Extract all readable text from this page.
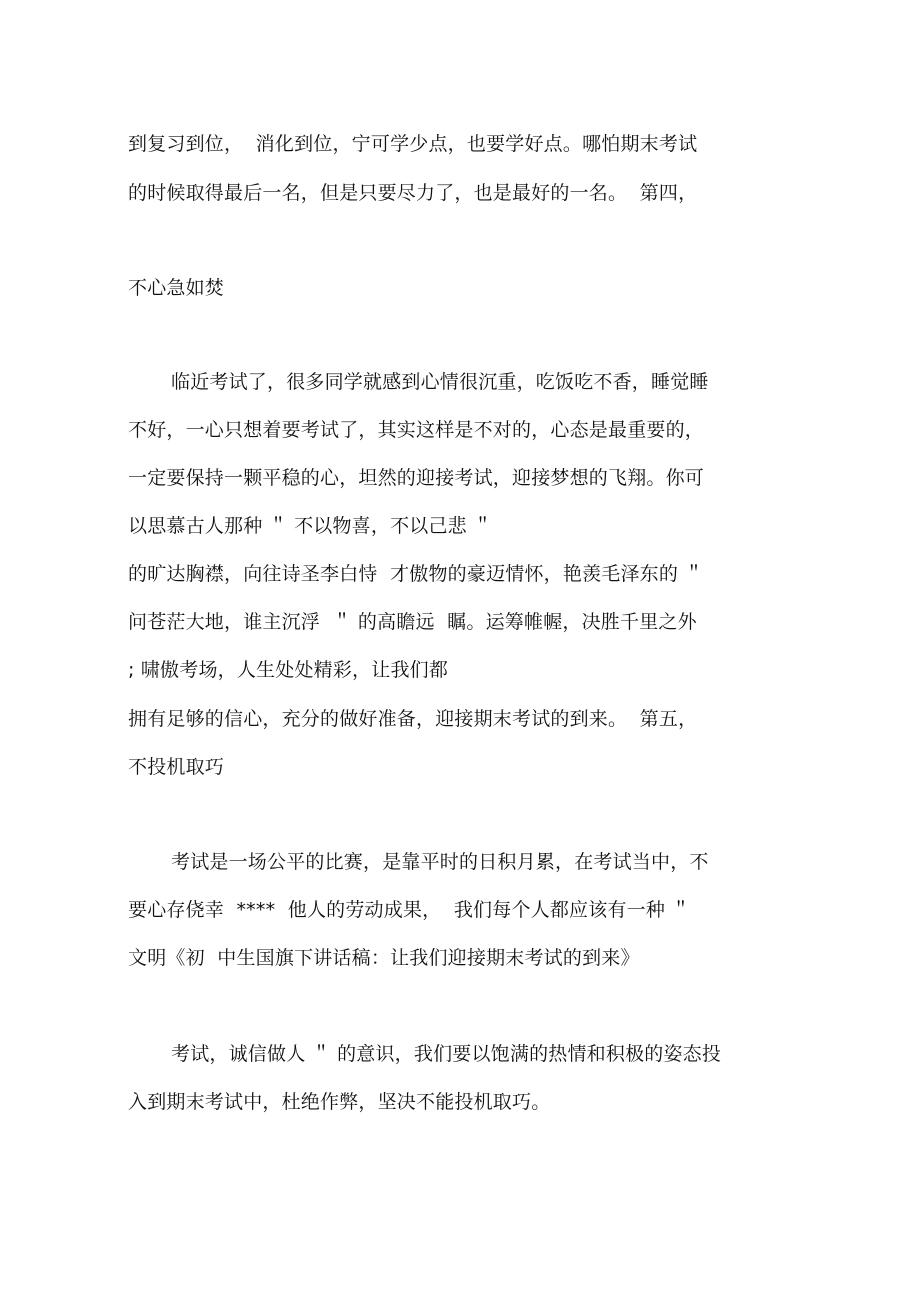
到复习到位，  消化到位，宁可学少点，也要学好点。哪怕期末考试
的时候取得最后一名，但是只要尽力了，也是最好的一名。  第四，
不心急如焚
临近考试了，很多同学就感到心情很沉重，吃饭吃不香，睡觉睡
不好，一心只想着要考试了，其实这样是不对的，心态是最重要的，
一定要保持一颗平稳的心，坦然的迎接考试，迎接梦想的飞翔。你可
以思慕古人那种 ＂ 不以物喜，不以己悲 ＂
的旷达胸襟，向往诗圣李白恃  才傲物的豪迈情怀，艳羡毛泽东的 ＂
问苍茫大地，谁主沉浮  ＂ 的高瞻远  瞩。运筹帷幄，决胜千里之外
; 啸傲考场，人生处处精彩，让我们都
拥有足够的信心，充分的做好准备，迎接期末考试的到来。  第五，
不投机取巧
考试是一场公平的比赛，是靠平时的日积月累，在考试当中，不
要心存侥幸  ****  他人的劳动成果，  我们每个人都应该有一种 ＂
文明《初  中生国旗下讲话稿：让我们迎接期末考试的到来》
考试，诚信做人 ＂ 的意识，我们要以饱满的热情和积极的姿态投
入到期末考试中，杜绝作弊，坚决不能投机取巧。
